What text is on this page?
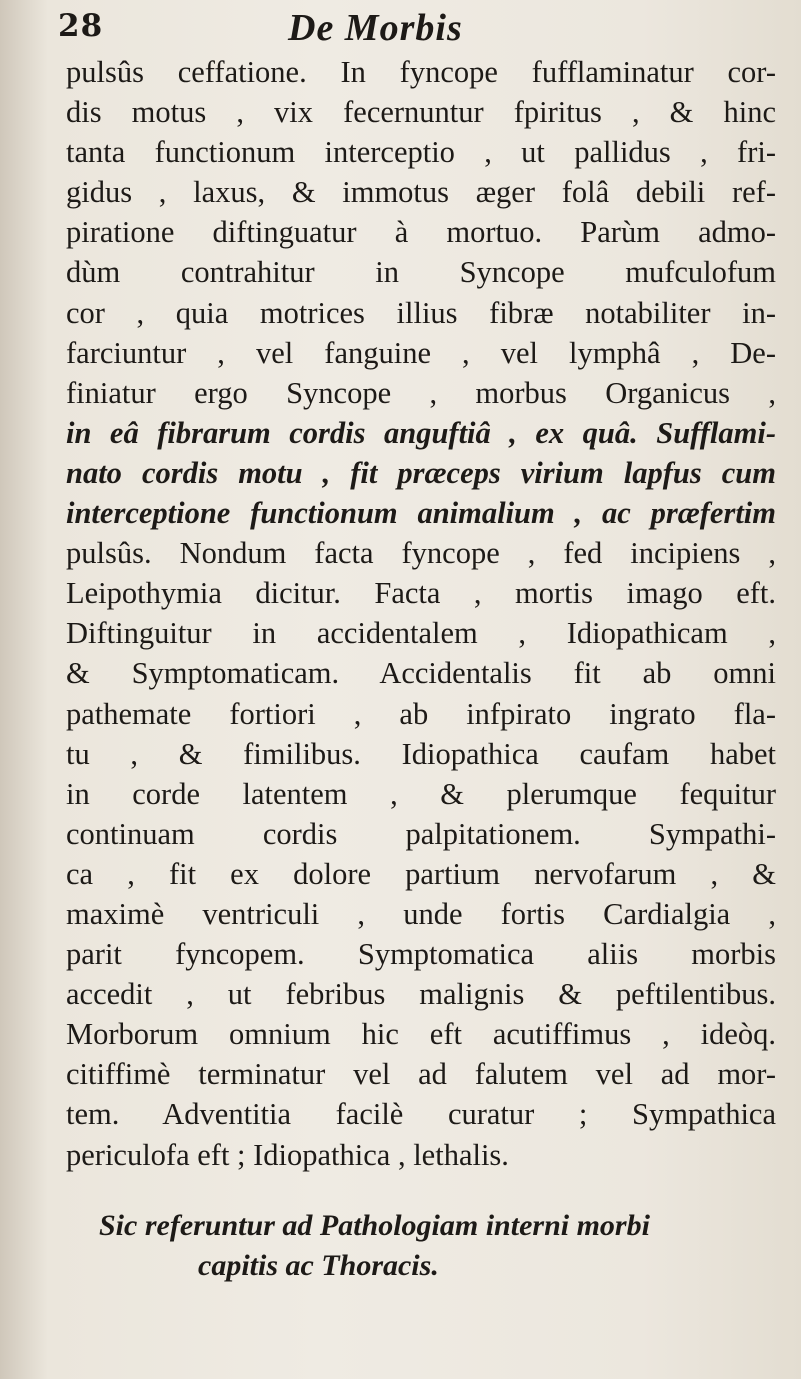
28	De Morbis
pulsûs ceffatione. In fyncope fufflaminatur cor-
dis motus , vix fecernuntur fpiritus , & hinc
tanta functionum interceptio , ut pallidus , fri-
gidus , laxus, & immotus æger folâ debili ref-
piratione diftinguatur à mortuo. Parùm admo-
dùm contrahitur in Syncope mufculofum
cor , quia motrices illius fibræ notabiliter in-
farciuntur , vel fanguine , vel lymphâ , De-
finiatur ergo Syncope , morbus Organicus ,
in eâ fibrarum cordis anguftiâ , ex quâ. Sufflami-
nato cordis motu , fit præceps virium lapfus cum
interceptione functionum animalium , ac præfertim
pulsûs. Nondum facta fyncope , fed incipiens ,
Leipothymia dicitur. Facta , mortis imago eft.
Diftinguitur in accidentalem , Idiopathicam ,
& Symptomaticam. Accidentalis fit ab omni
pathemate fortiori , ab infpirato ingrato fla-
tu , & fimilibus. Idiopathica caufam habet
in corde latentem , & plerumque fequitur
continuam cordis palpitationem. Sympathi-
ca , fit ex dolore partium nervofarum , &
maximè ventriculi , unde fortis Cardialgia ,
parit fyncopem. Symptomatica aliis morbis
accedit , ut febribus malignis & peftilentibus.
Morborum omnium hic eft acutiffimus , ideòq.
citiffimè terminatur vel ad falutem vel ad mor-
tem. Adventitia facilè curatur ; Sympathica
periculofa eft ; Idiopathica , lethalis.
Sic referuntur ad Pathologiam interni morbi
capitis ac Thoracis.
